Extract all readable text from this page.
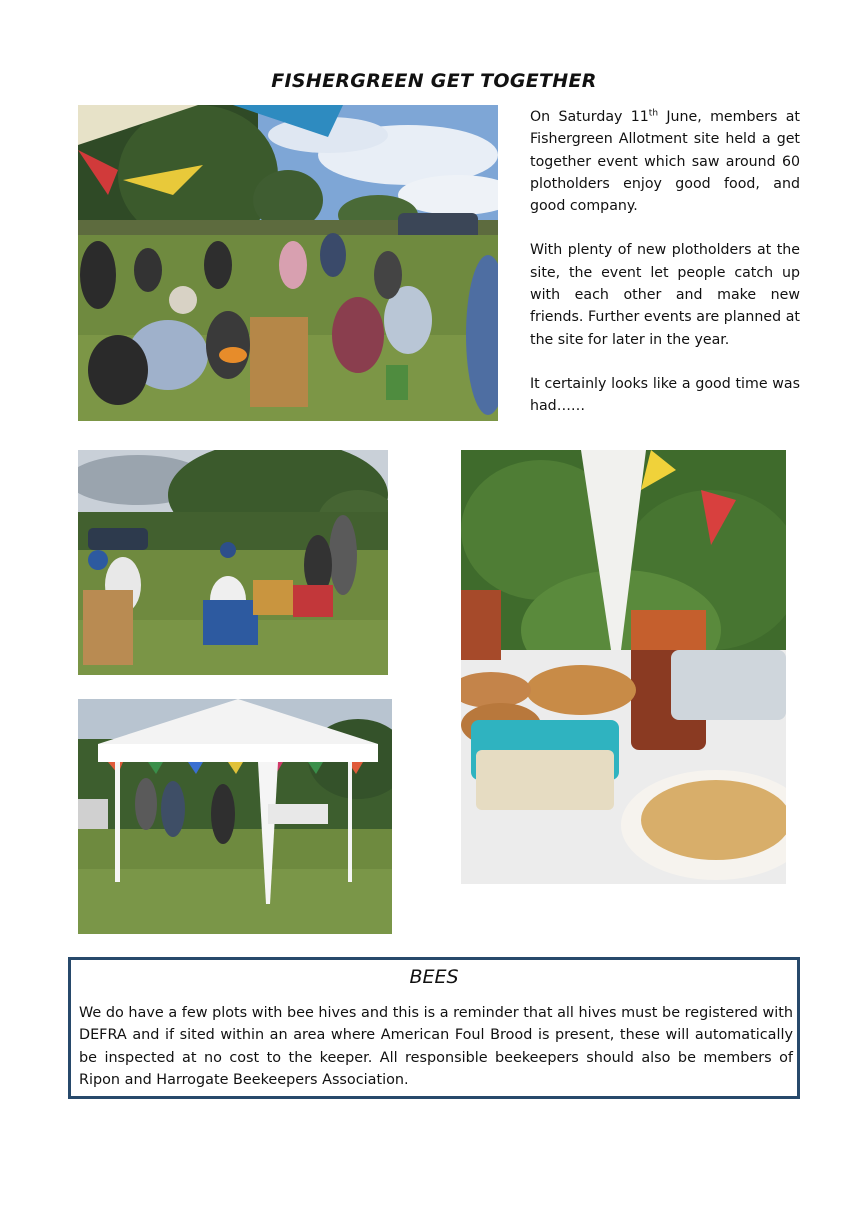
FISHERGREEN GET TOGETHER

On Saturday 11th June, members at Fishergreen Allotment site held a get together event which saw around 60 plotholders enjoy good food, and good company.

With plenty of new plotholders at the site, the event let people catch up with each other and make new friends. Further events are planned at the site for later in the year.

It certainly looks like a good time was had……

BEES
We do have a few plots with bee hives and this is a reminder that all hives must be registered with DEFRA and if sited within an area where American Foul Brood is present, these will automatically be inspected at no cost to the keeper. All responsible beekeepers should also be members of Ripon and Harrogate Beekeepers Association.
